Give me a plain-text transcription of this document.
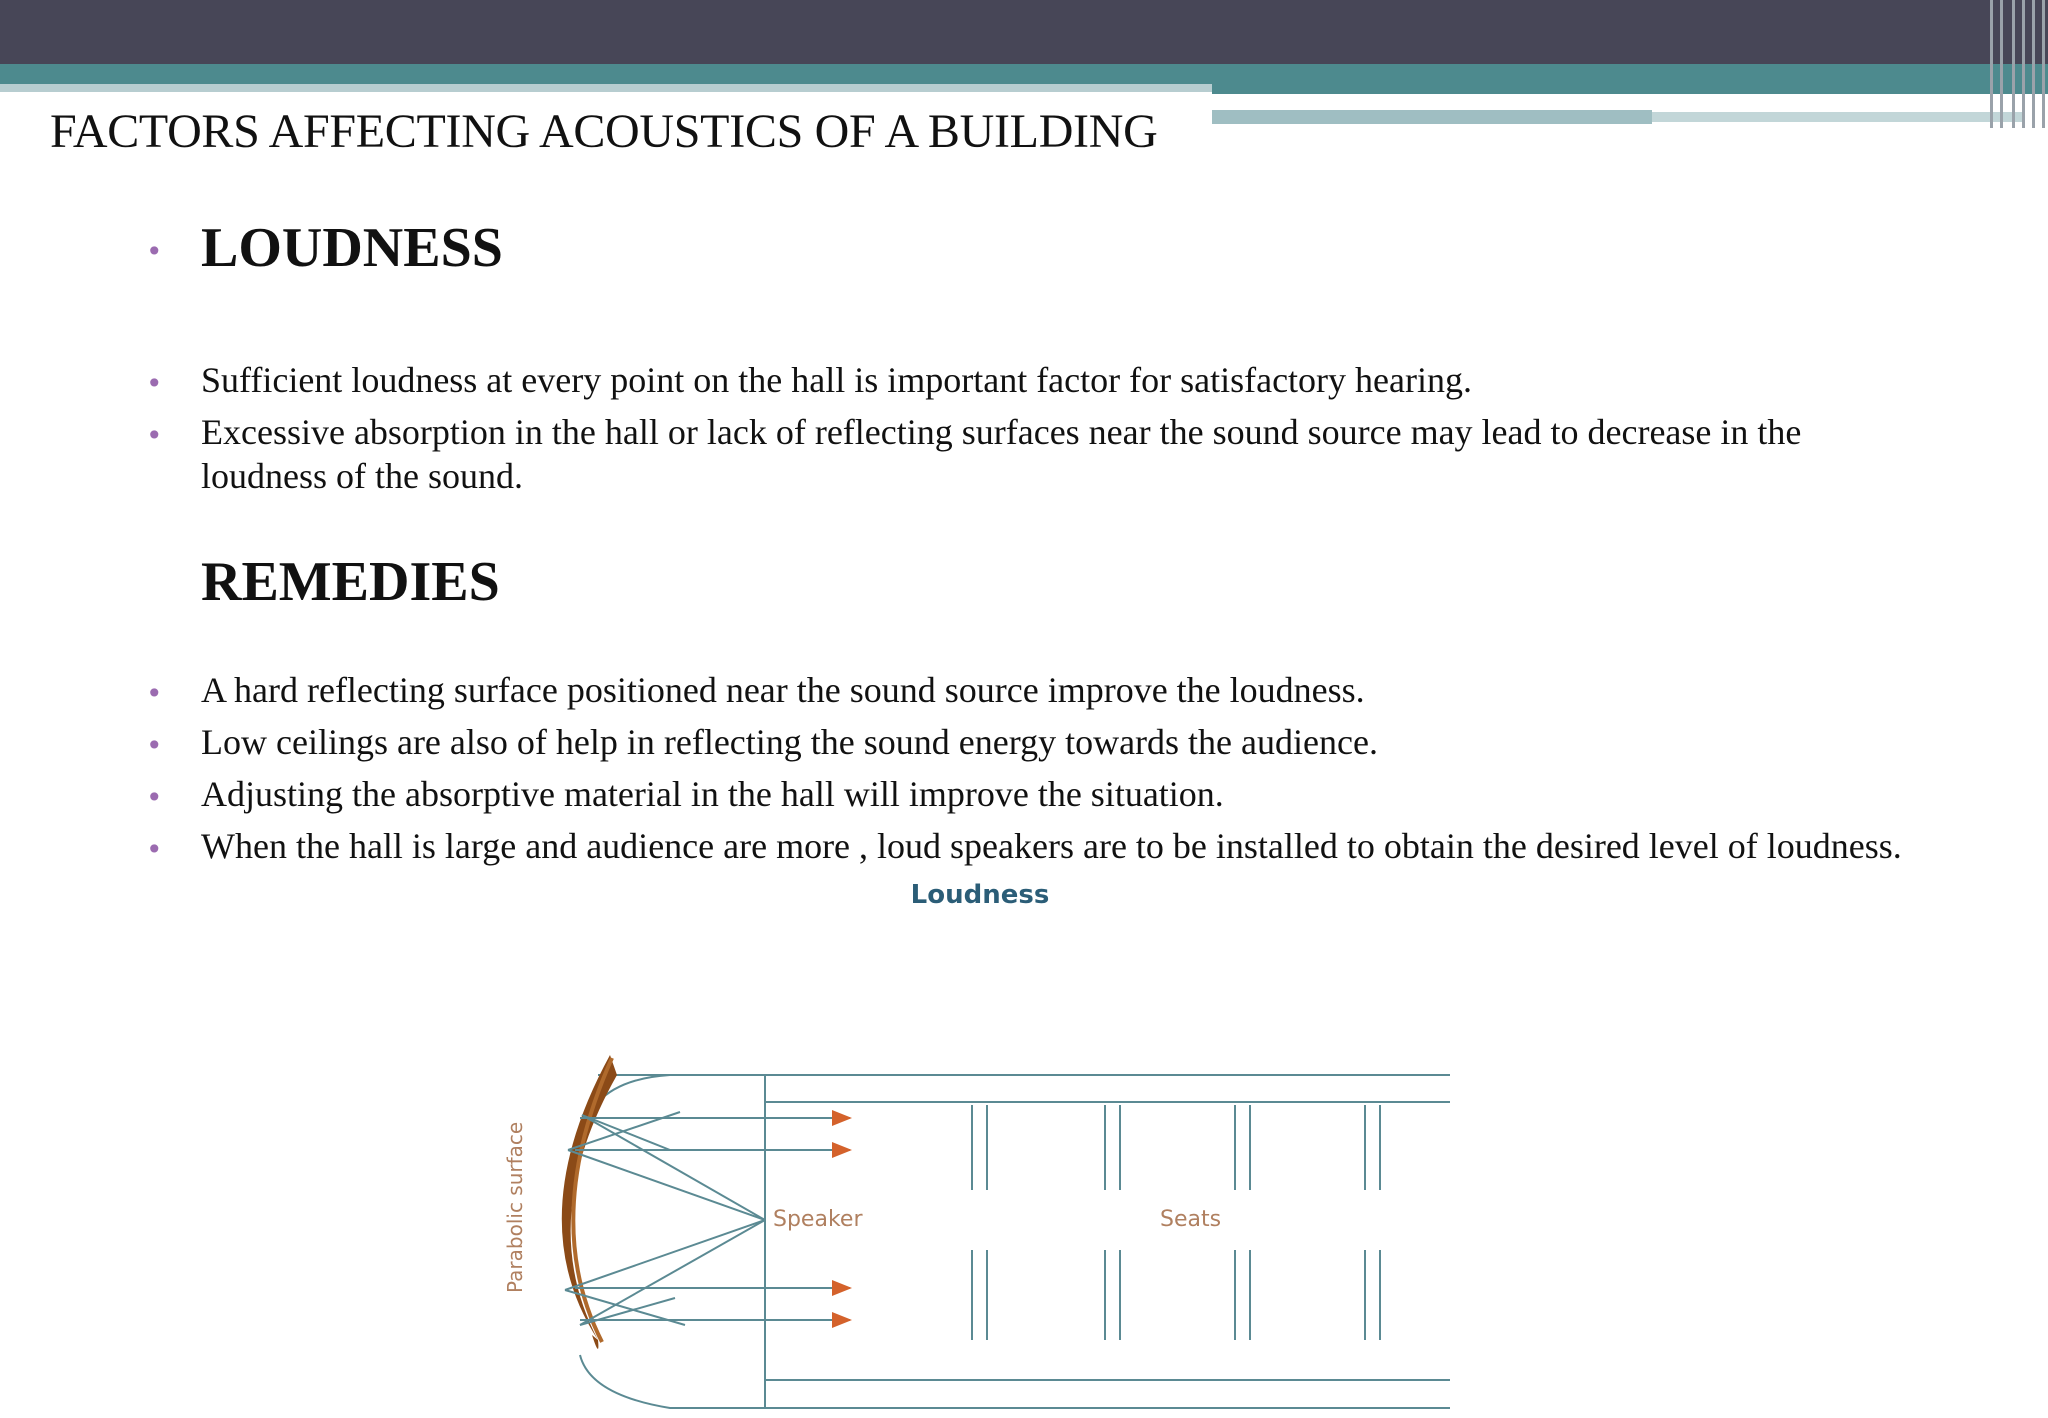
FACTORS AFFECTING ACOUSTICS OF A BUILDING
• LOUDNESS
• Sufficient loudness at every point on the hall is important factor for satisfactory hearing.
• Excessive absorption in the hall or lack of reflecting surfaces near the sound source may lead to decrease in the loudness of the sound.
REMEDIES
• A hard reflecting surface positioned near the sound source improve the loudness.
• Low ceilings are also of help in reflecting the sound energy towards the audience.
• Adjusting the absorptive material in the hall will improve the situation.
• When the hall is large and audience are more , loud speakers are to be installed to obtain the desired level of loudness.
Loudness
Speaker	Seats
Parabolic surface
